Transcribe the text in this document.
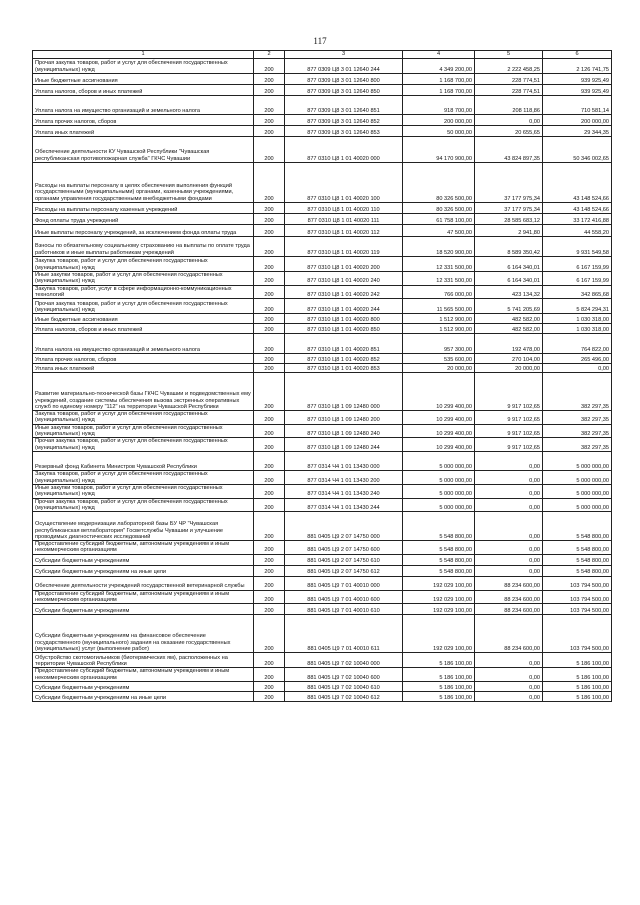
117
1	2	3	4	5	6
Прочая закупка товаров, работ и услуг для обеспечения государственных (муниципальных) нужд	200	877 0309 Ц8 3 01 12640 244	4 349 200,00	2 222 458,25	2 126 741,75
Иные бюджетные ассигнования	200	877 0309 Ц8 3 01 12640 800	1 168 700,00	228 774,51	939 925,49
Уплата налогов, сборов и иных платежей	200	877 0309 Ц8 3 01 12640 850	1 168 700,00	228 774,51	939 925,49
Уплата налога на имущество организаций и земельного налога	200	877 0309 Ц8 3 01 12640 851	918 700,00	208 118,86	710 581,14
Уплата прочих налогов, сборов	200	877 0309 Ц8 3 01 12640 852	200 000,00	0,00	200 000,00
Уплата иных платежей	200	877 0309 Ц8 3 01 12640 853	50 000,00	20 655,65	29 344,35
Обеспечение деятельности КУ Чувашской Республики "Чувашская республиканская противопожарная служба" ГКЧС Чувашии	200	877 0310 Ц8 1 01 40020 000	94 170 900,00	43 824 897,35	50 346 002,65
Расходы на выплаты персоналу в целях обеспечения выполнения функций государственными (муниципальными) органами, казенными учреждениями, органами управления государственными внебюджетными фондами	200	877 0310 Ц8 1 01 40020 100	80 326 500,00	37 177 975,34	43 148 524,66
Расходы на выплаты персоналу казенных учреждений	200	877 0310 Ц8 1 01 40020 110	80 326 500,00	37 177 975,34	43 148 524,66
Фонд оплаты труда учреждений	200	877 0310 Ц8 1 01 40020 111	61 758 100,00	28 585 683,12	33 172 416,88
Иные выплаты персоналу учреждений, за исключением фонда оплаты труда	200	877 0310 Ц8 1 01 40020 112	47 500,00	2 941,80	44 558,20
Взносы по обязательному социальному страхованию на выплаты по оплате труда работников и иные выплаты работникам учреждений	200	877 0310 Ц8 1 01 40020 119	18 520 900,00	8 589 350,42	9 931 549,58
Закупка товаров, работ и услуг для обеспечения государственных (муниципальных) нужд	200	877 0310 Ц8 1 01 40020 200	12 331 500,00	6 164 340,01	6 167 159,99
Иные закупки товаров, работ и услуг для обеспечения государственных (муниципальных) нужд	200	877 0310 Ц8 1 01 40020 240	12 331 500,00	6 164 340,01	6 167 159,99
Закупка товаров, работ, услуг в сфере информационно-коммуникационных технологий	200	877 0310 Ц8 1 01 40020 242	766 000,00	423 134,32	342 865,68
Прочая закупка товаров, работ и услуг для обеспечения государственных (муниципальных) нужд	200	877 0310 Ц8 1 01 40020 244	11 565 500,00	5 741 205,69	5 824 294,31
Иные бюджетные ассигнования	200	877 0310 Ц8 1 01 40020 800	1 512 900,00	482 582,00	1 030 318,00
Уплата налогов, сборов и иных платежей	200	877 0310 Ц8 1 01 40020 850	1 512 900,00	482 582,00	1 030 318,00
Уплата налога на имущество организаций и земельного налога	200	877 0310 Ц8 1 01 40020 851	957 300,00	192 478,00	764 822,00
Уплата прочих налогов, сборов	200	877 0310 Ц8 1 01 40020 852	535 600,00	270 104,00	265 496,00
Уплата иных платежей	200	877 0310 Ц8 1 01 40020 853	20 000,00	20 000,00	0,00
Развитие материально-технической базы ГКЧС Чувашии и подведомственных ему учреждений, создание системы обеспечения вызова экстренных оперативных служб по единому номеру "112" на территории Чувашской Республики	200	877 0310 Ц8 1 09 12480 000	10 299 400,00	9 917 102,65	382 297,35
Закупка товаров, работ и услуг для обеспечения государственных (муниципальных) нужд	200	877 0310 Ц8 1 09 12480 200	10 299 400,00	9 917 102,65	382 297,35
Иные закупки товаров, работ и услуг для обеспечения государственных (муниципальных) нужд	200	877 0310 Ц8 1 09 12480 240	10 299 400,00	9 917 102,65	382 297,35
Прочая закупка товаров, работ и услуг для обеспечения государственных (муниципальных) нужд	200	877 0310 Ц8 1 09 12480 244	10 299 400,00	9 917 102,65	382 297,35
Резервный фонд Кабинета Министров Чувашской Республики	200	877 0314 Ч4 1 01 13430 000	5 000 000,00	0,00	5 000 000,00
Закупка товаров, работ и услуг для обеспечения государственных (муниципальных) нужд	200	877 0314 Ч4 1 01 13430 200	5 000 000,00	0,00	5 000 000,00
Иные закупки товаров, работ и услуг для обеспечения государственных (муниципальных) нужд	200	877 0314 Ч4 1 01 13430 240	5 000 000,00	0,00	5 000 000,00
Прочая закупка товаров, работ и услуг для обеспечения государственных (муниципальных) нужд	200	877 0314 Ч4 1 01 13430 244	5 000 000,00	0,00	5 000 000,00
Осуществление модернизации лабораторной базы БУ ЧР "Чувашская республиканская ветлаборатория" Госветслужбы Чувашии и улучшение проводимых диагностических исследований	200	881 0405 Ц9 2 07 14750 000	5 548 800,00	0,00	5 548 800,00
Предоставление субсидий бюджетным, автономным учреждениям и иным некоммерческим организациям	200	881 0405 Ц9 2 07 14750 600	5 548 800,00	0,00	5 548 800,00
Субсидии бюджетным учреждениям	200	881 0405 Ц9 2 07 14750 610	5 548 800,00	0,00	5 548 800,00
Субсидии бюджетным учреждениям на иные цели	200	881 0405 Ц9 2 07 14750 612	5 548 800,00	0,00	5 548 800,00
Обеспечение деятельности учреждений государственной ветеринарной службы	200	881 0405 Ц9 7 01 40010 000	192 029 100,00	88 234 600,00	103 794 500,00
Предоставление субсидий бюджетным, автономным учреждениям и иным некоммерческим организациям	200	881 0405 Ц9 7 01 40010 600	192 029 100,00	88 234 600,00	103 794 500,00
Субсидии бюджетным учреждениям	200	881 0405 Ц9 7 01 40010 610	192 029 100,00	88 234 600,00	103 794 500,00
Субсидии бюджетным учреждениям на финансовое обеспечение государственного (муниципального) задания на оказание государственных (муниципальных) услуг (выполнение работ)	200	881 0405 Ц9 7 01 40010 611	192 029 100,00	88 234 600,00	103 794 500,00
Обустройство скотомогильников (биотермических ям), расположенных на территории Чувашской Республики	200	881 0405 Ц9 7 02 10040 000	5 186 100,00	0,00	5 186 100,00
Предоставление субсидий бюджетным, автономным учреждениям и иным некоммерческим организациям	200	881 0405 Ц9 7 02 10040 600	5 186 100,00	0,00	5 186 100,00
Субсидии бюджетным учреждениям	200	881 0405 Ц9 7 02 10040 610	5 186 100,00	0,00	5 186 100,00
Субсидии бюджетным учреждениям на иные цели	200	881 0405 Ц9 7 02 10040 612	5 186 100,00	0,00	5 186 100,00
